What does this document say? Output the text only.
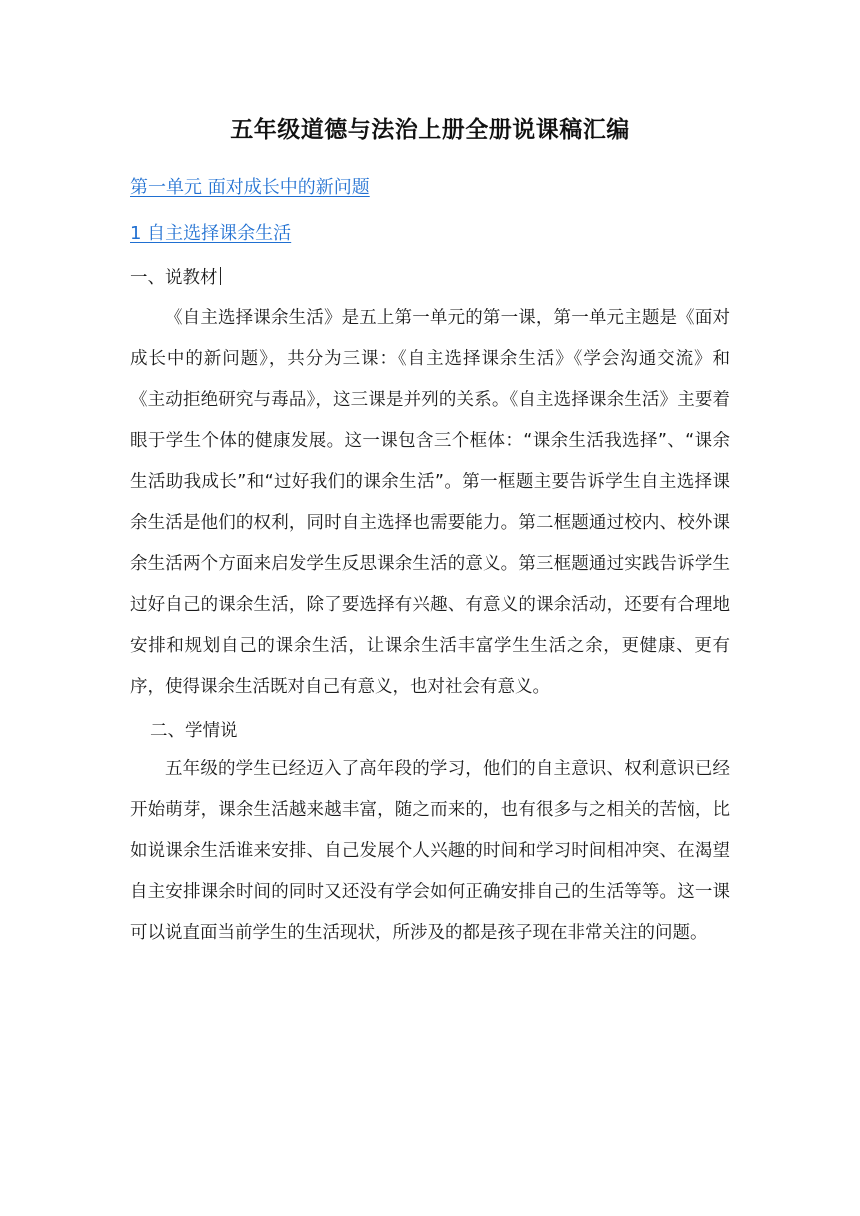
五年级道德与法治上册全册说课稿汇编
第一单元 面对成长中的新问题
1 自主选择课余生活
一、说教材

《自主选择课余生活》是五上第一单元的第一课，第一单元主题是《面对成长中的新问题》，共分为三课：《自主选择课余生活》《学会沟通交流》和《主动拒绝研究与毒品》，这三课是并列的关系。《自主选择课余生活》主要着眼于学生个体的健康发展。这一课包含三个框体：“课余生活我选择”、“课余生活助我成长”和“过好我们的课余生活”。第一框题主要告诉学生自主选择课余生活是他们的权利，同时自主选择也需要能力。第二框题通过校内、校外课余生活两个方面来启发学生反思课余生活的意义。第三框题通过实践告诉学生过好自己的课余生活，除了要选择有兴趣、有意义的课余活动，还要有合理地安排和规划自己的课余生活，让课余生活丰富学生生活之余，更健康、更有序，使得课余生活既对自己有意义，也对社会有意义。

二、学情说

五年级的学生已经迈入了高年段的学习，他们的自主意识、权利意识已经开始萌芽，课余生活越来越丰富，随之而来的，也有很多与之相关的苦恼，比如说课余生活谁来安排、自己发展个人兴趣的时间和学习时间相冲突、在渴望自主安排课余时间的同时又还没有学会如何正确安排自己的生活等等。这一课可以说直面当前学生的生活现状，所涉及的都是孩子现在非常关注的问题。
